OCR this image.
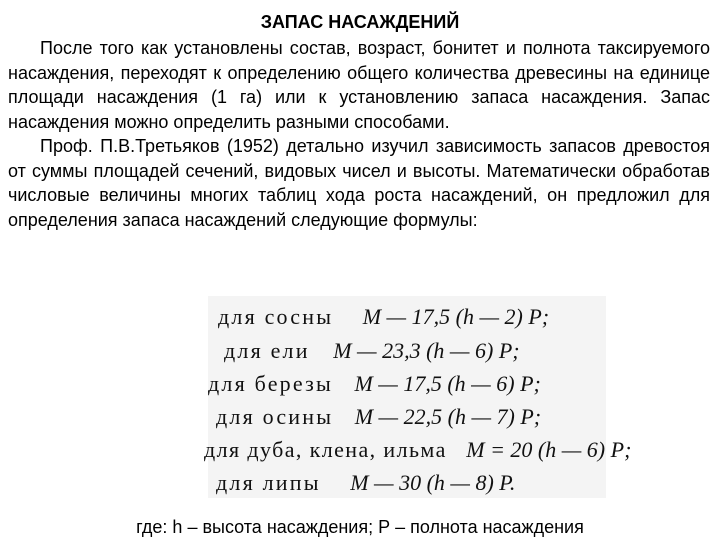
ЗАПАС НАСАЖДЕНИЙ

После того как установлены состав, возраст, бонитет и полнота таксируемого насаждения, переходят к определению общего количества древесины на единице площади насаждения (1 га) или к установлению запаса насаждения. Запас насаждения можно определить разными способами.

Проф. П.В.Третьяков (1952) детально изучил зависимость запасов древостоя от суммы площадей сечений, видовых чисел и высоты. Математически обработав числовые величины многих таблиц хода роста насаждений, он предложил для определения запаса насаждений следующие формулы:

для сосны M — 17,5 (h — 2) P;
для ели M — 23,3 (h — 6) P;
для березы M — 17,5 (h — 6) P;
для осины M — 22,5 (h — 7) P;
для дуба, клена, ильма M = 20 (h — 6) P;
для липы M — 30 (h — 8) P.
где: h – высота насаждения; Р – полнота насаждения
